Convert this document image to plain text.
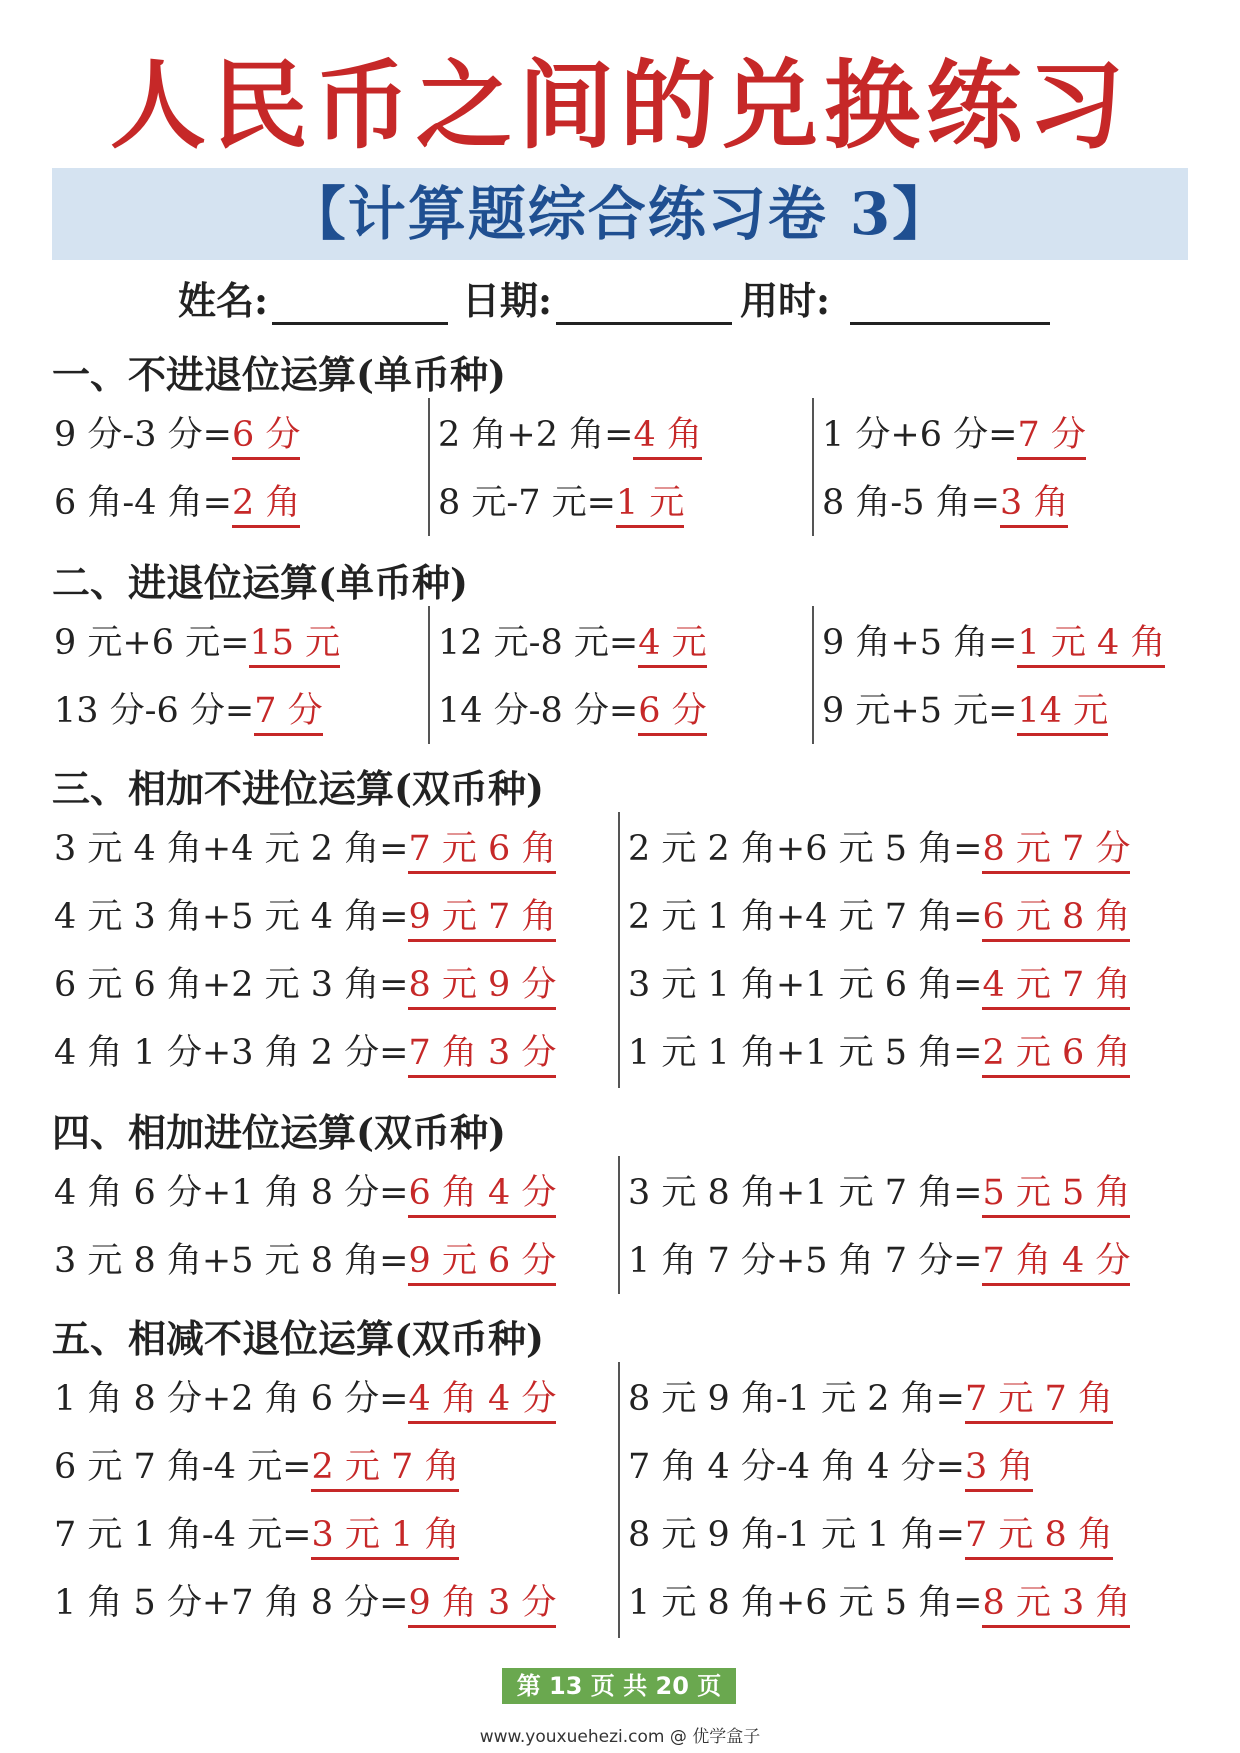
人民币之间的兑换练习
【计算题综合练习卷 3】
姓名:	日期:	用时:
一、不进退位运算(单币种)
9 分-3 分=6 分
6 角-4 角=2 角
2 角+2 角=4 角
8 元-7 元=1 元
1 分+6 分=7 分
8 角-5 角=3 角
二、进退位运算(单币种)
9 元+6 元=15 元
13 分-6 分=7 分
12 元-8 元=4 元
14 分-8 分=6 分
9 角+5 角=1 元 4 角
9 元+5 元=14 元
三、相加不进位运算(双币种)
3 元 4 角+4 元 2 角=7 元 6 角
4 元 3 角+5 元 4 角=9 元 7 角
6 元 6 角+2 元 3 角=8 元 9 分
4 角 1 分+3 角 2 分=7 角 3 分
2 元 2 角+6 元 5 角=8 元 7 分
2 元 1 角+4 元 7 角=6 元 8 角
3 元 1 角+1 元 6 角=4 元 7 角
1 元 1 角+1 元 5 角=2 元 6 角
四、相加进位运算(双币种)
4 角 6 分+1 角 8 分=6 角 4 分
3 元 8 角+5 元 8 角=9 元 6 分
3 元 8 角+1 元 7 角=5 元 5 角
1 角 7 分+5 角 7 分=7 角 4 分
五、相减不退位运算(双币种)
1 角 8 分+2 角 6 分=4 角 4 分
6 元 7 角-4 元=2 元 7 角
7 元 1 角-4 元=3 元 1 角
1 角 5 分+7 角 8 分=9 角 3 分
8 元 9 角-1 元 2 角=7 元 7 角
7 角 4 分-4 角 4 分=3 角
8 元 9 角-1 元 1 角=7 元 8 角
1 元 8 角+6 元 5 角=8 元 3 角
第 13 页 共 20 页
www.youxuehezi.com @ 优学盒子
